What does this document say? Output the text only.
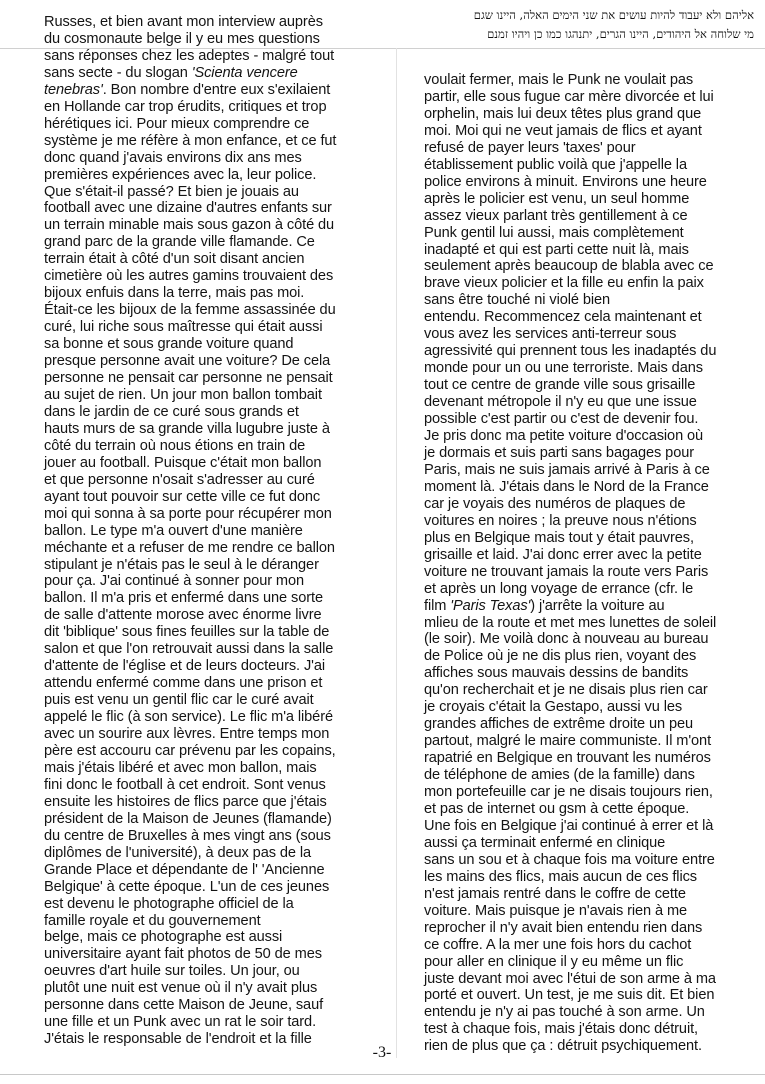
אליהם ולא יעבוד להיות עושים את שני הימים האלה, היינו שגם
מי שלוחה אל היהודים, היינו הגרים, יתנהגו כמו כן ויהיו זמנם
Russes, et bien avant mon interview auprès
du cosmonaute belge il y eu mes questions
sans réponses chez les adeptes - malgré tout
sans secte - du slogan 'Scienta vencere
tenebras'. Bon nombre d'entre eux s'exilaient
en Hollande car trop érudits, critiques et trop
hérétiques ici. Pour mieux comprendre ce
système je me réfère à mon enfance, et ce fut
donc quand j'avais environs dix ans mes
premières expériences avec la, leur police.
Que s'était-il passé? Et bien je jouais au
football avec une dizaine d'autres enfants sur
un terrain minable mais sous gazon à côté du
grand parc de la grande ville flamande. Ce
terrain était à côté d'un soit disant ancien
cimetière où les autres gamins trouvaient des
bijoux enfuis dans la terre, mais pas moi.
Était-ce les bijoux de la femme assassinée du
curé, lui riche sous maîtresse qui était aussi
sa bonne et sous grande voiture quand
presque personne avait une voiture? De cela
personne ne pensait car personne ne pensait
au sujet de rien. Un jour mon ballon tombait
dans le jardin de ce curé sous grands et
hauts murs de sa grande villa lugubre juste à
côté du terrain où nous étions en train de
jouer au football. Puisque c'était mon ballon
et que personne n'osait s'adresser au curé
ayant tout pouvoir sur cette ville ce fut donc
moi qui sonna à sa porte pour récupérer mon
ballon. Le type m'a ouvert d'une manière
méchante et a refuser de me rendre ce ballon
stipulant je n'étais pas le seul à le déranger
pour ça. J'ai continué à sonner pour mon
ballon. Il m'a pris et enfermé dans une sorte
de salle d'attente morose avec énorme livre
dit 'biblique' sous fines feuilles sur la table de
salon et que l'on retrouvait aussi dans la salle
d'attente de l'église et de leurs docteurs. J'ai
attendu enfermé comme dans une prison et
puis est venu un gentil flic car le curé avait
appelé le flic (à son service). Le flic m'a libéré
avec un sourire aux lèvres. Entre temps mon
père est accouru car prévenu par les copains,
mais j'étais libéré et avec mon ballon, mais
fini donc le football à cet endroit. Sont venus
ensuite les histoires de flics parce que j'étais
président de la Maison de Jeunes (flamande)
du centre de Bruxelles à mes vingt ans (sous
diplômes de l'université), à deux pas de la
Grande Place et dépendante de l' 'Ancienne
Belgique' à cette époque. L'un de ces jeunes
est devenu le photographe officiel de la
famille royale et du gouvernement
belge, mais ce photographe est aussi
universitaire ayant fait photos de 50 de mes
oeuvres d'art huile sur toiles. Un jour, ou
plutôt une nuit est venue où il n'y avait plus
personne dans cette Maison de Jeune, sauf
une fille et un Punk avec un rat le soir tard.
J'étais le responsable de l'endroit et la fille
voulait fermer, mais le Punk ne voulait pas
partir, elle sous fugue car mère divorcée et lui
orphelin, mais lui deux têtes plus grand que
moi. Moi qui ne veut jamais de flics et ayant
refusé de payer leurs 'taxes' pour
établissement public voilà que j'appelle la
police environs à minuit. Environs une heure
après le policier est venu, un seul homme
assez vieux parlant très gentillement à ce
Punk gentil lui aussi, mais complètement
inadapté et qui est parti cette nuit là, mais
seulement après beaucoup de blabla avec ce
brave vieux policier et la fille eu enfin la paix
sans être touché ni violé bien
entendu. Recommencez cela maintenant et
vous avez les services anti-terreur sous
agressivité qui prennent tous les inadaptés du
monde pour un ou une terroriste. Mais dans
tout ce centre de grande ville sous grisaille
devenant métropole il n'y eu que une issue
possible c'est partir ou c'est de devenir fou.
Je pris donc ma petite voiture d'occasion où
je dormais et suis parti sans bagages pour
Paris, mais ne suis jamais arrivé à Paris à ce
moment là. J'étais dans le Nord de la France
car je voyais des numéros de plaques de
voitures en noires ; la preuve nous n'étions
plus en Belgique mais tout y était pauvres,
grisaille et laid. J'ai donc errer avec la petite
voiture ne trouvant jamais la route vers Paris
et après un long voyage de errance (cfr. le
film 'Paris Texas') j'arrête la voiture au
mlieu de la route et met mes lunettes de soleil
(le soir). Me voilà donc à nouveau au bureau
de Police où je ne dis plus rien, voyant des
affiches sous mauvais dessins de bandits
qu'on recherchait et je ne disais plus rien car
je croyais c'était la Gestapo, aussi vu les
grandes affiches de extrême droite un peu
partout, malgré le maire communiste. Il m'ont
rapatrié en Belgique en trouvant les numéros
de téléphone de amies (de la famille) dans
mon portefeuille car je ne disais toujours rien,
et pas de internet ou gsm à cette époque.
Une fois en Belgique j'ai continué à errer et là
aussi ça terminait enfermé en clinique
sans un sou et à chaque fois ma voiture entre
les mains des flics, mais aucun de ces flics
n'est jamais rentré dans le coffre de cette
voiture. Mais puisque je n'avais rien à me
reprocher il n'y avait bien entendu rien dans
ce coffre. A la mer une fois hors du cachot
pour aller en clinique il y eu même un flic
juste devant moi avec l'étui de son arme à ma
porté et ouvert. Un test, je me suis dit. Et bien
entendu je n'y ai pas touché à son arme. Un
test à chaque fois, mais j'étais donc détruit,
rien de plus que ça : détruit psychiquement.
-3-
